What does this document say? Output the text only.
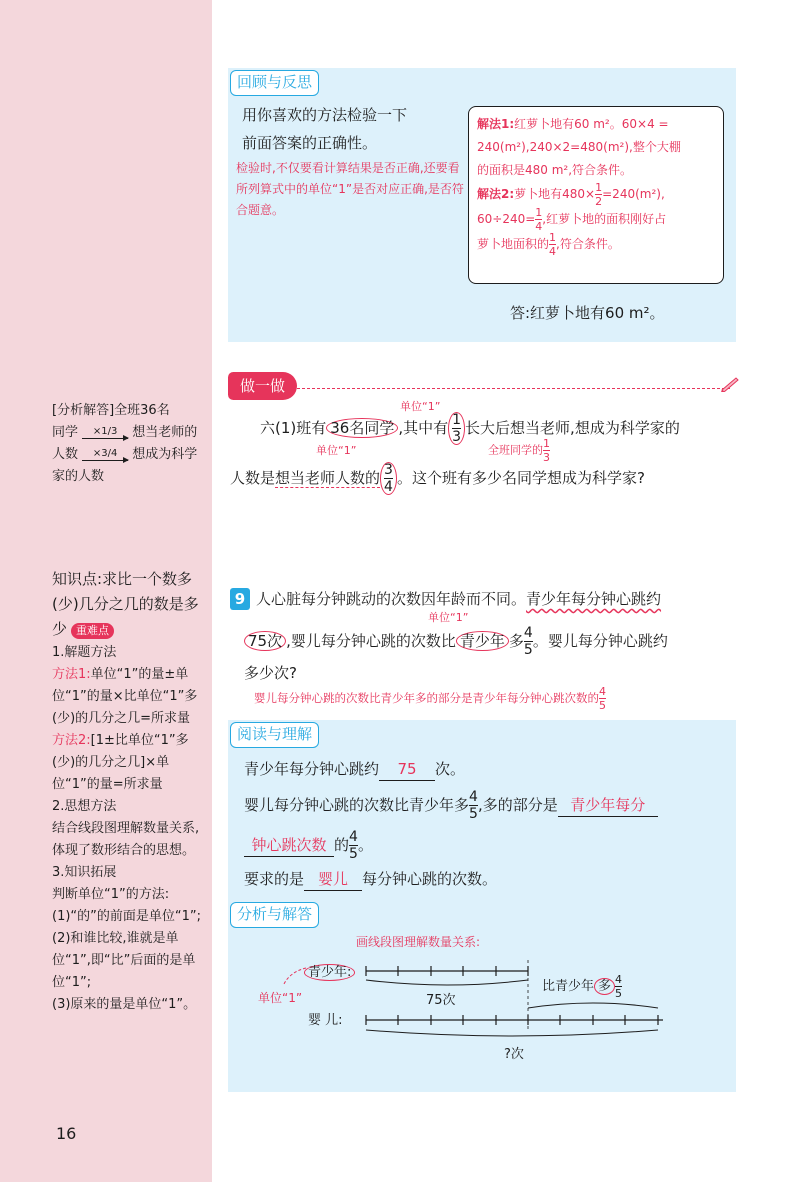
[分析解答]全班36名
同学 ×1/3 想当老师的
人数 ×3/4 想成为科学
家的人数

知识点:求比一个数多(少)几分之几的数是多少 重难点

1.解题方法

方法1:单位“1”的量±单位“1”的量×比单位“1”多(少)的几分之几=所求量

方法2:[1±比单位“1”多(少)的几分之几]×单位“1”的量=所求量

2.思想方法

结合线段图理解数量关系,体现了数形结合的思想。

3.知识拓展

判断单位“1”的方法:

(1)“的”的前面是单位“1”;

(2)和谁比较,谁就是单位“1”,即“比”后面的是单位“1”;

(3)原来的量是单位“1”。

16
回顾与反思
用你喜欢的方法检验一下
前面答案的正确性。
检验时,不仅要看计算结果是否正确,还要看所列算式中的单位“1”是否对应正确,是否符合题意。
解法1:红萝卜地有60 m²。60×4 =
240(m²),240×2=480(m²),整个大棚
的面积是480 m²,符合条件。
解法2:萝卜地有$480\times \frac{1}{2} =240(m^2)$,
$60\div 240= \frac{1}{4}$ ,红萝卜地的面积刚好占
萝卜地面积的 $\frac{1}{4}$ ,符合条件。
答:红萝卜地有60 m²。
做一做
单位“1”
六(1)班有 36名同学 ,其中有 $\frac{1}{3}$ 长大后想当老师,想成为科学家的
单位“1”	全班同学的 $\frac{1}{3}$
人数是想当老师人数的 $\frac{3}{4}$ 。这个班有多少名同学想成为科学家?
9 人心脏每分钟跳动的次数因年龄而不同。青少年每分钟心跳约
单位“1”
75次 ,婴儿每分钟心跳的次数比 青少年 多 $\frac{4}{5}$ 。婴儿每分钟心跳约
多少次?
婴儿每分钟心跳的次数比青少年多的部分是青少年每分钟心跳次数的 $\frac{4}{5}$
阅读与理解
青少年每分钟心跳约 75 次。
婴儿每分钟心跳的次数比青少年多 $\frac{4}{5}$ ,多的部分是 青少年每分
钟心跳次数 的 $\frac{4}{5}$ 。
要求的是 婴儿 每分钟心跳的次数。
分析与解答
画线段图理解数量关系:
青少年:
单位“1”	75次
比青少年 多 $\frac{4}{5}$
婴 儿:
?次
